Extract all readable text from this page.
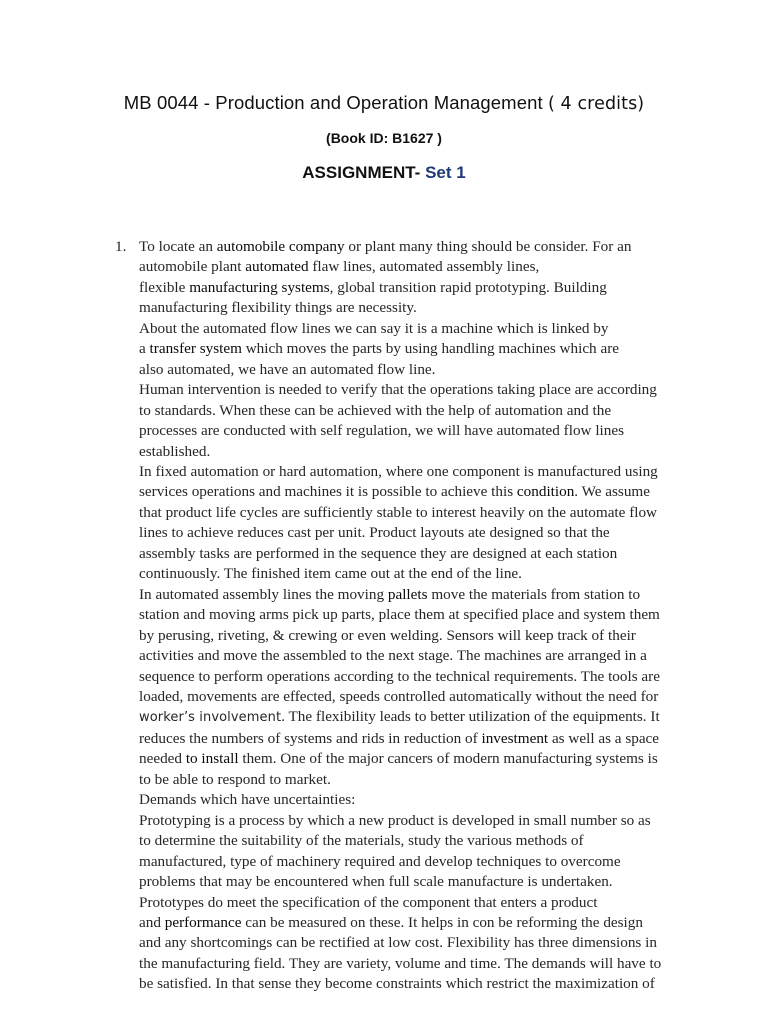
MB 0044 - Production and Operation Management ( 4 credits)
(Book ID: B1627 )
ASSIGNMENT- Set 1
1. To locate an automobile company or plant many thing should be consider. For an
automobile plant automated flaw lines, automated assembly lines,
flexible manufacturing systems, global transition rapid prototyping. Building
manufacturing flexibility things are necessity.
About the automated flow lines we can say it is a machine which is linked by
a transfer system which moves the parts by using handling machines which are
also automated, we have an automated flow line.
Human intervention is needed to verify that the operations taking place are according
to standards. When these can be achieved with the help of automation and the
processes are conducted with self regulation, we will have automated flow lines
established.
In fixed automation or hard automation, where one component is manufactured using
services operations and machines it is possible to achieve this condition. We assume
that product life cycles are sufficiently stable to interest heavily on the automate flow
lines to achieve reduces cast per unit. Product layouts ate designed so that the
assembly tasks are performed in the sequence they are designed at each station
continuously. The finished item came out at the end of the line.
In automated assembly lines the moving pallets move the materials from station to
station and moving arms pick up parts, place them at specified place and system them
by perusing, riveting, & crewing or even welding. Sensors will keep track of their
activities and move the assembled to the next stage. The machines are arranged in a
sequence to perform operations according to the technical requirements. The tools are
loaded, movements are effected, speeds controlled automatically without the need for
worker’s involvement. The flexibility leads to better utilization of the equipments. It
reduces the numbers of systems and rids in reduction of investment as well as a space
needed to install them. One of the major cancers of modern manufacturing systems is
to be able to respond to market.
Demands which have uncertainties:
Prototyping is a process by which a new product is developed in small number so as
to determine the suitability of the materials, study the various methods of
manufactured, type of machinery required and develop techniques to overcome
problems that may be encountered when full scale manufacture is undertaken.
Prototypes do meet the specification of the component that enters a product
and performance can be measured on these. It helps in con be reforming the design
and any shortcomings can be rectified at low cost. Flexibility has three dimensions in
the manufacturing field. They are variety, volume and time. The demands will have to
be satisfied. In that sense they become constraints which restrict the maximization of
